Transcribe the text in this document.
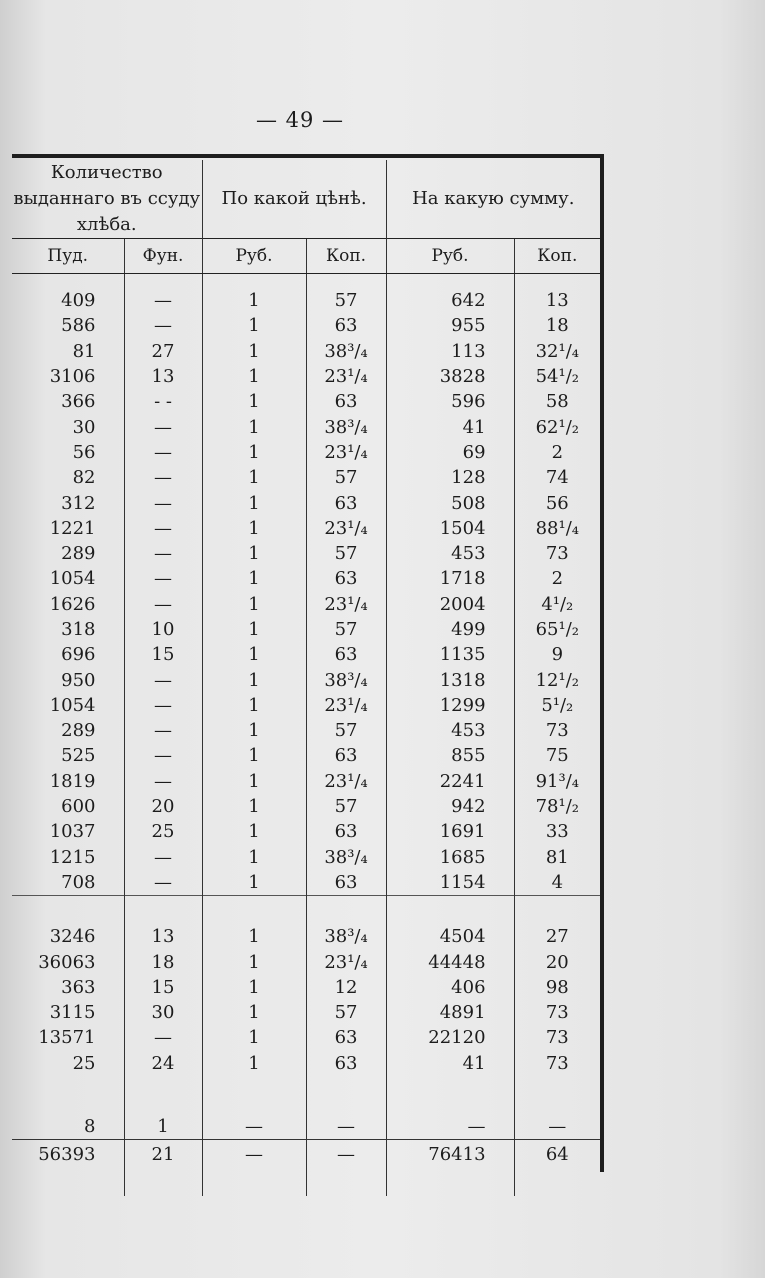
— 49 —
Количество выданнаго въ ссуду хлѣба.		По какой цѣнѣ.		На какую сумму.	
Пуд.	Фун.	Руб.	Коп.	Руб.	Коп.

409	—	1	57	642	13
586	—	1	63	955	18
81	27	1	38³/₄	113	32¹/₄
3106	13	1	23¹/₄	3828	54¹/₂
366	- -	1	63	596	58
30	—	1	38³/₄	41	62¹/₂
56	—	1	23¹/₄	69	2
82	—	1	57	128	74
312	—	1	63	508	56
1221	—	1	23¹/₄	1504	88¹/₄
289	—	1	57	453	73
1054	—	1	63	1718	2
1626	—	1	23¹/₄	2004	4¹/₂
318	10	1	57	499	65¹/₂
696	15	1	63	1135	9
950	—	1	38³/₄	1318	12¹/₂
1054	—	1	23¹/₄	1299	5¹/₂
289	—	1	57	453	73
525	—	1	63	855	75
1819	—	1	23¹/₄	2241	91³/₄
600	20	1	57	942	78¹/₂
1037	25	1	63	1691	33
1215	—	1	38³/₄	1685	81
708	—	1	63	1154	4

3246	13	1	38³/₄	4504	27
36063	18	1	23¹/₄	44448	20
363	15	1	12	406	98
3115	30	1	57	4891	73
13571	—	1	63	22120	73
25	24	1	63	41	73

8	1	—	—	—	—
56393	21	—	—	76413	64
